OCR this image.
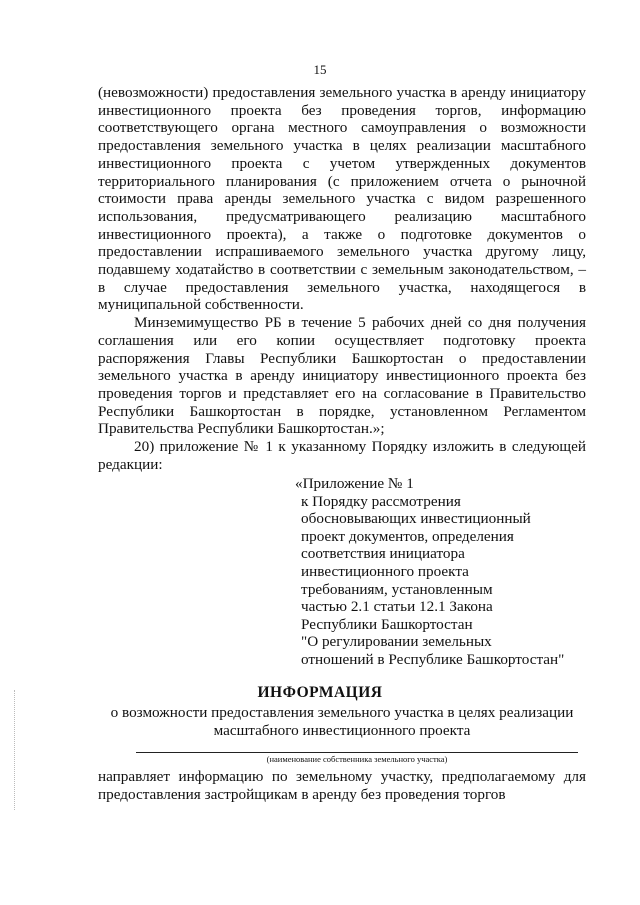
15

(невозможности) предоставления земельного участка в аренду инициатору инвестиционного проекта без проведения торгов, информацию соответствующего органа местного самоуправления о возможности предоставления земельного участка в целях реализации масштабного инвестиционного проекта с учетом утвержденных документов территориального планирования (с приложением отчета о рыночной стоимости права аренды земельного участка с видом разрешенного использования, предусматривающего реализацию масштабного инвестиционного проекта), а также о подготовке документов о предоставлении испрашиваемого земельного участка другому лицу, подавшему ходатайство в соответствии с земельным законодательством, – в случае предоставления земельного участка, находящегося в муниципальной собственности.

Минземимущество РБ в течение 5 рабочих дней со дня получения соглашения или его копии осуществляет подготовку проекта распоряжения Главы Республики Башкортостан о предоставлении земельного участка в аренду инициатору инвестиционного проекта без проведения торгов и представляет его на согласование в Правительство Республики Башкортостан в порядке, установленном Регламентом Правительства Республики Башкортостан.»;

20) приложение № 1 к указанному Порядку изложить в следующей редакции:

«Приложение № 1
к Порядку рассмотрения
обосновывающих инвестиционный
проект документов, определения
соответствия инициатора
инвестиционного проекта
требованиям, установленным
частью 2.1 статьи 12.1 Закона
Республики Башкортостан
"О регулировании земельных
отношений в Республике Башкортостан"
ИНФОРМАЦИЯ
о возможности предоставления земельного участка в целях реализации масштабного инвестиционного проекта
(наименование собственника земельного участка)

направляет информацию по земельному участку, предполагаемому для предоставления застройщикам в аренду без проведения торгов
